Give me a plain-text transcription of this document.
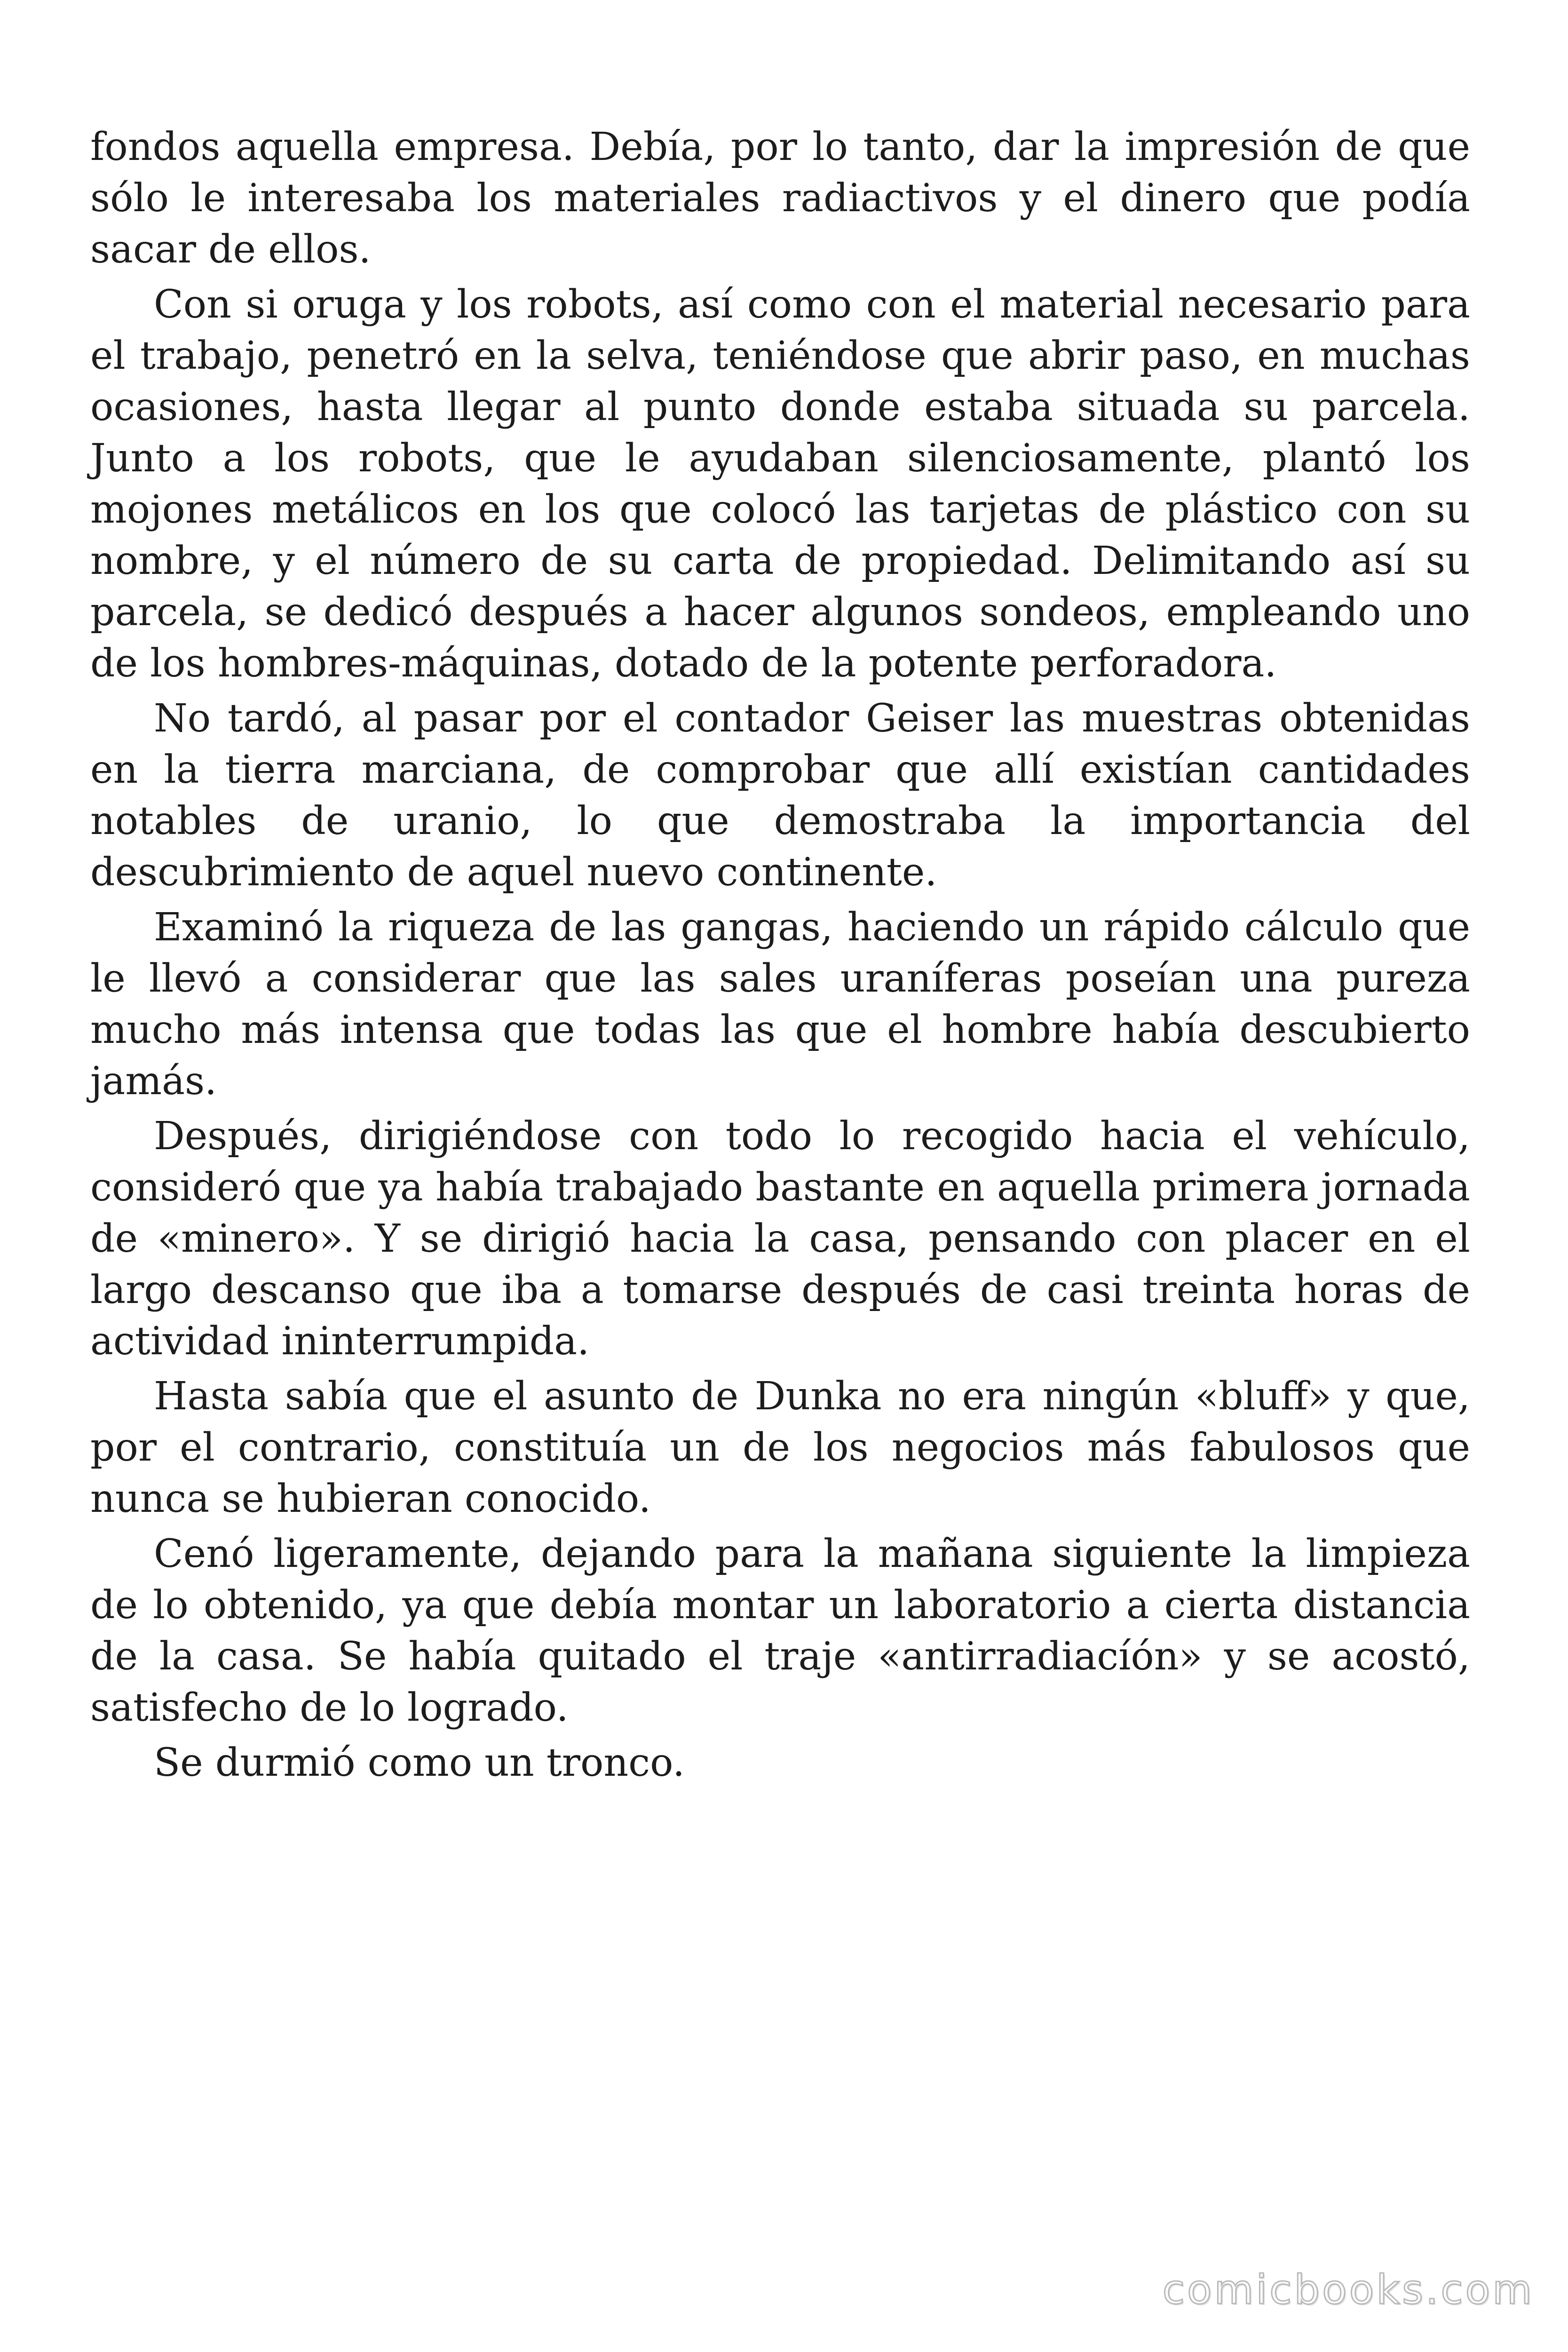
fondos aquella empresa. Debía, por lo tanto, dar la impresión de que sólo le interesaba los materiales radiactivos y el dinero que podía sacar de ellos.

Con si oruga y los robots, así como con el material necesario para el trabajo, penetró en la selva, teniéndose que abrir paso, en muchas ocasiones, hasta llegar al punto donde estaba situada su parcela. Junto a los robots, que le ayudaban silenciosamente, plantó los mojones metálicos en los que colocó las tarjetas de plástico con su nombre, y el número de su carta de propiedad. Delimitando así su parcela, se dedicó después a hacer algunos sondeos, empleando uno de los hombres-máquinas, dotado de la potente perforadora.

No tardó, al pasar por el contador Geiser las muestras obtenidas en la tierra marciana, de comprobar que allí existían cantidades notables de uranio, lo que demostraba la importancia del descubrimiento de aquel nuevo continente.

Examinó la riqueza de las gangas, haciendo un rápido cálculo que le llevó a considerar que las sales uraníferas poseían una pureza mucho más intensa que todas las que el hombre había descubierto jamás.

Después, dirigiéndose con todo lo recogido hacia el vehículo, consideró que ya había trabajado bastante en aquella primera jornada de «minero». Y se dirigió hacia la casa, pensando con placer en el largo descanso que iba a tomarse después de casi treinta horas de actividad ininterrumpida.

Hasta sabía que el asunto de Dunka no era ningún «bluff» y que, por el contrario, constituía un de los negocios más fabulosos que nunca se hubieran conocido.

Cenó ligeramente, dejando para la mañana siguiente la limpieza de lo obtenido, ya que debía montar un laboratorio a cierta distancia de la casa. Se había quitado el traje «antirradiacíón» y se acostó, satisfecho de lo logrado.

Se durmió como un tronco.

comicbooks.com
